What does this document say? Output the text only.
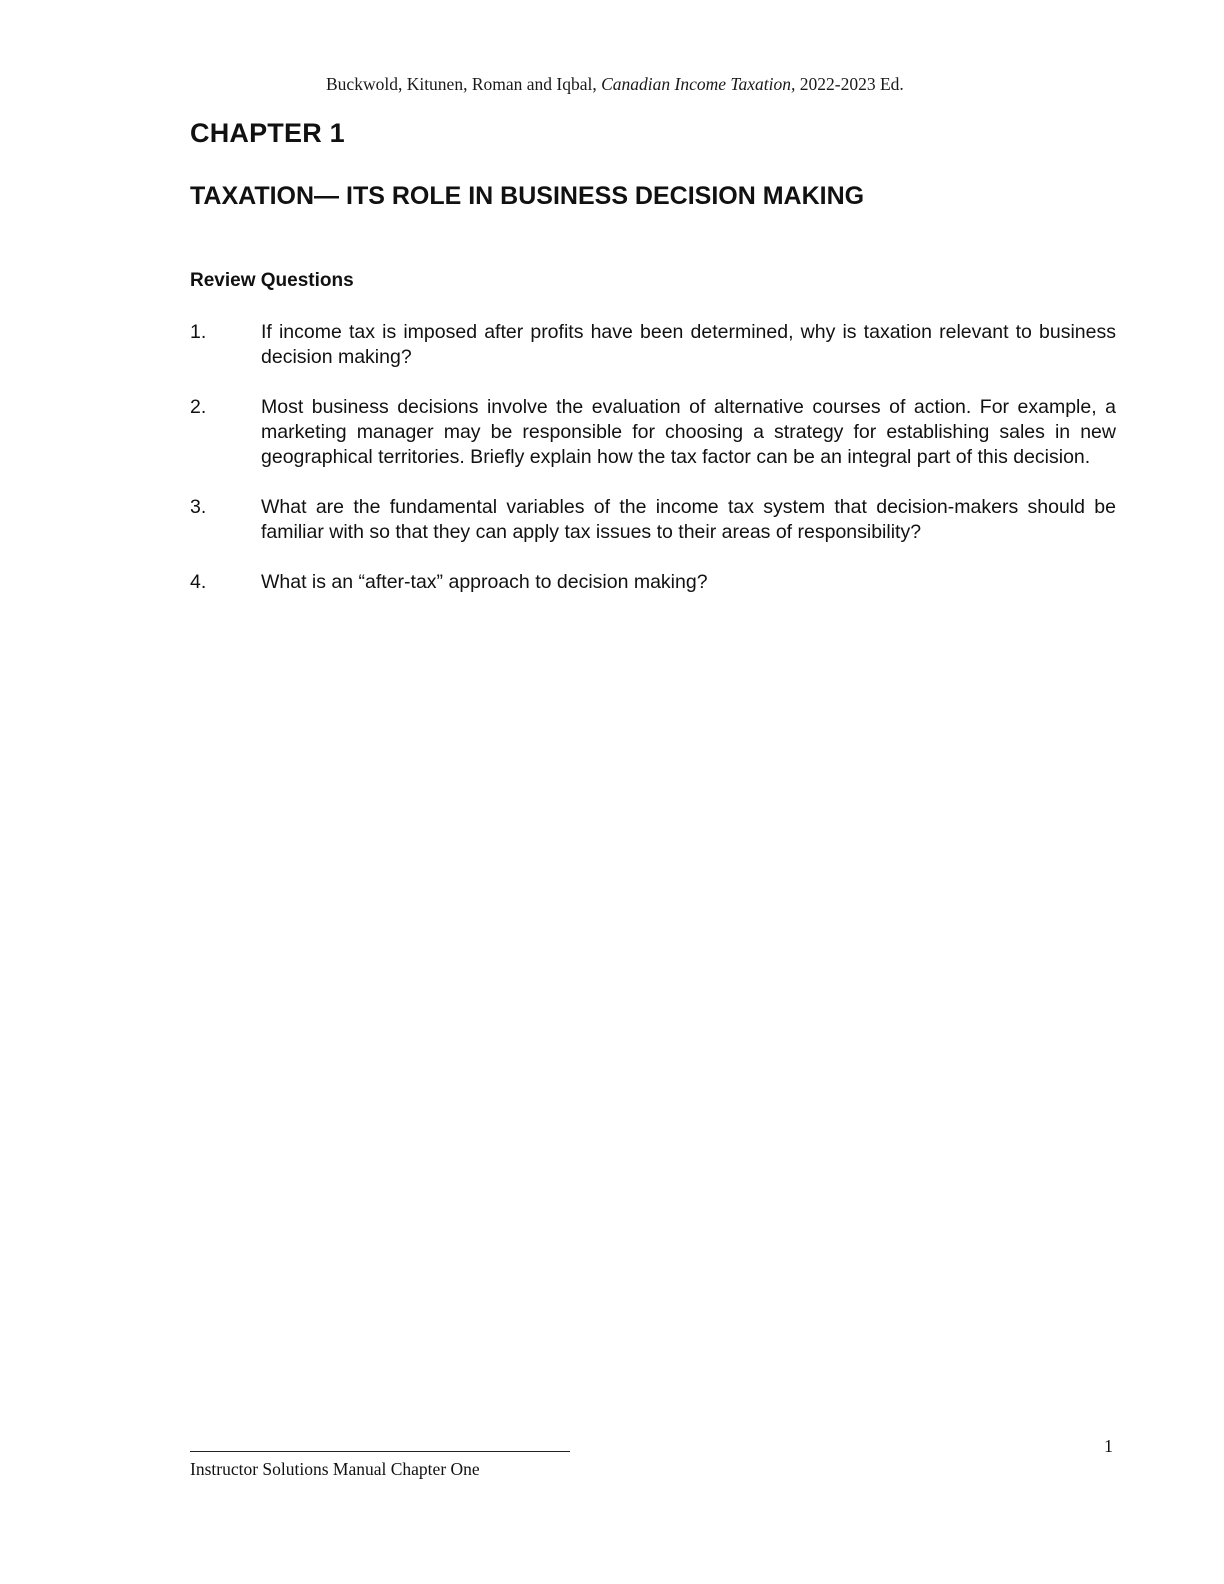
Buckwold, Kitunen, Roman and Iqbal, Canadian Income Taxation, 2022-2023 Ed.
CHAPTER 1
TAXATION— ITS ROLE IN BUSINESS DECISION MAKING
Review Questions
1.	If income tax is imposed after profits have been determined, why is taxation relevant to business decision making?
2.	Most business decisions involve the evaluation of alternative courses of action. For example, a marketing manager may be responsible for choosing a strategy for establishing sales in new geographical territories. Briefly explain how the tax factor can be an integral part of this decision.
3.	What are the fundamental variables of the income tax system that decision-makers should be familiar with so that they can apply tax issues to their areas of responsibility?
4.	What is an “after-tax” approach to decision making?
1
Instructor Solutions Manual Chapter One
